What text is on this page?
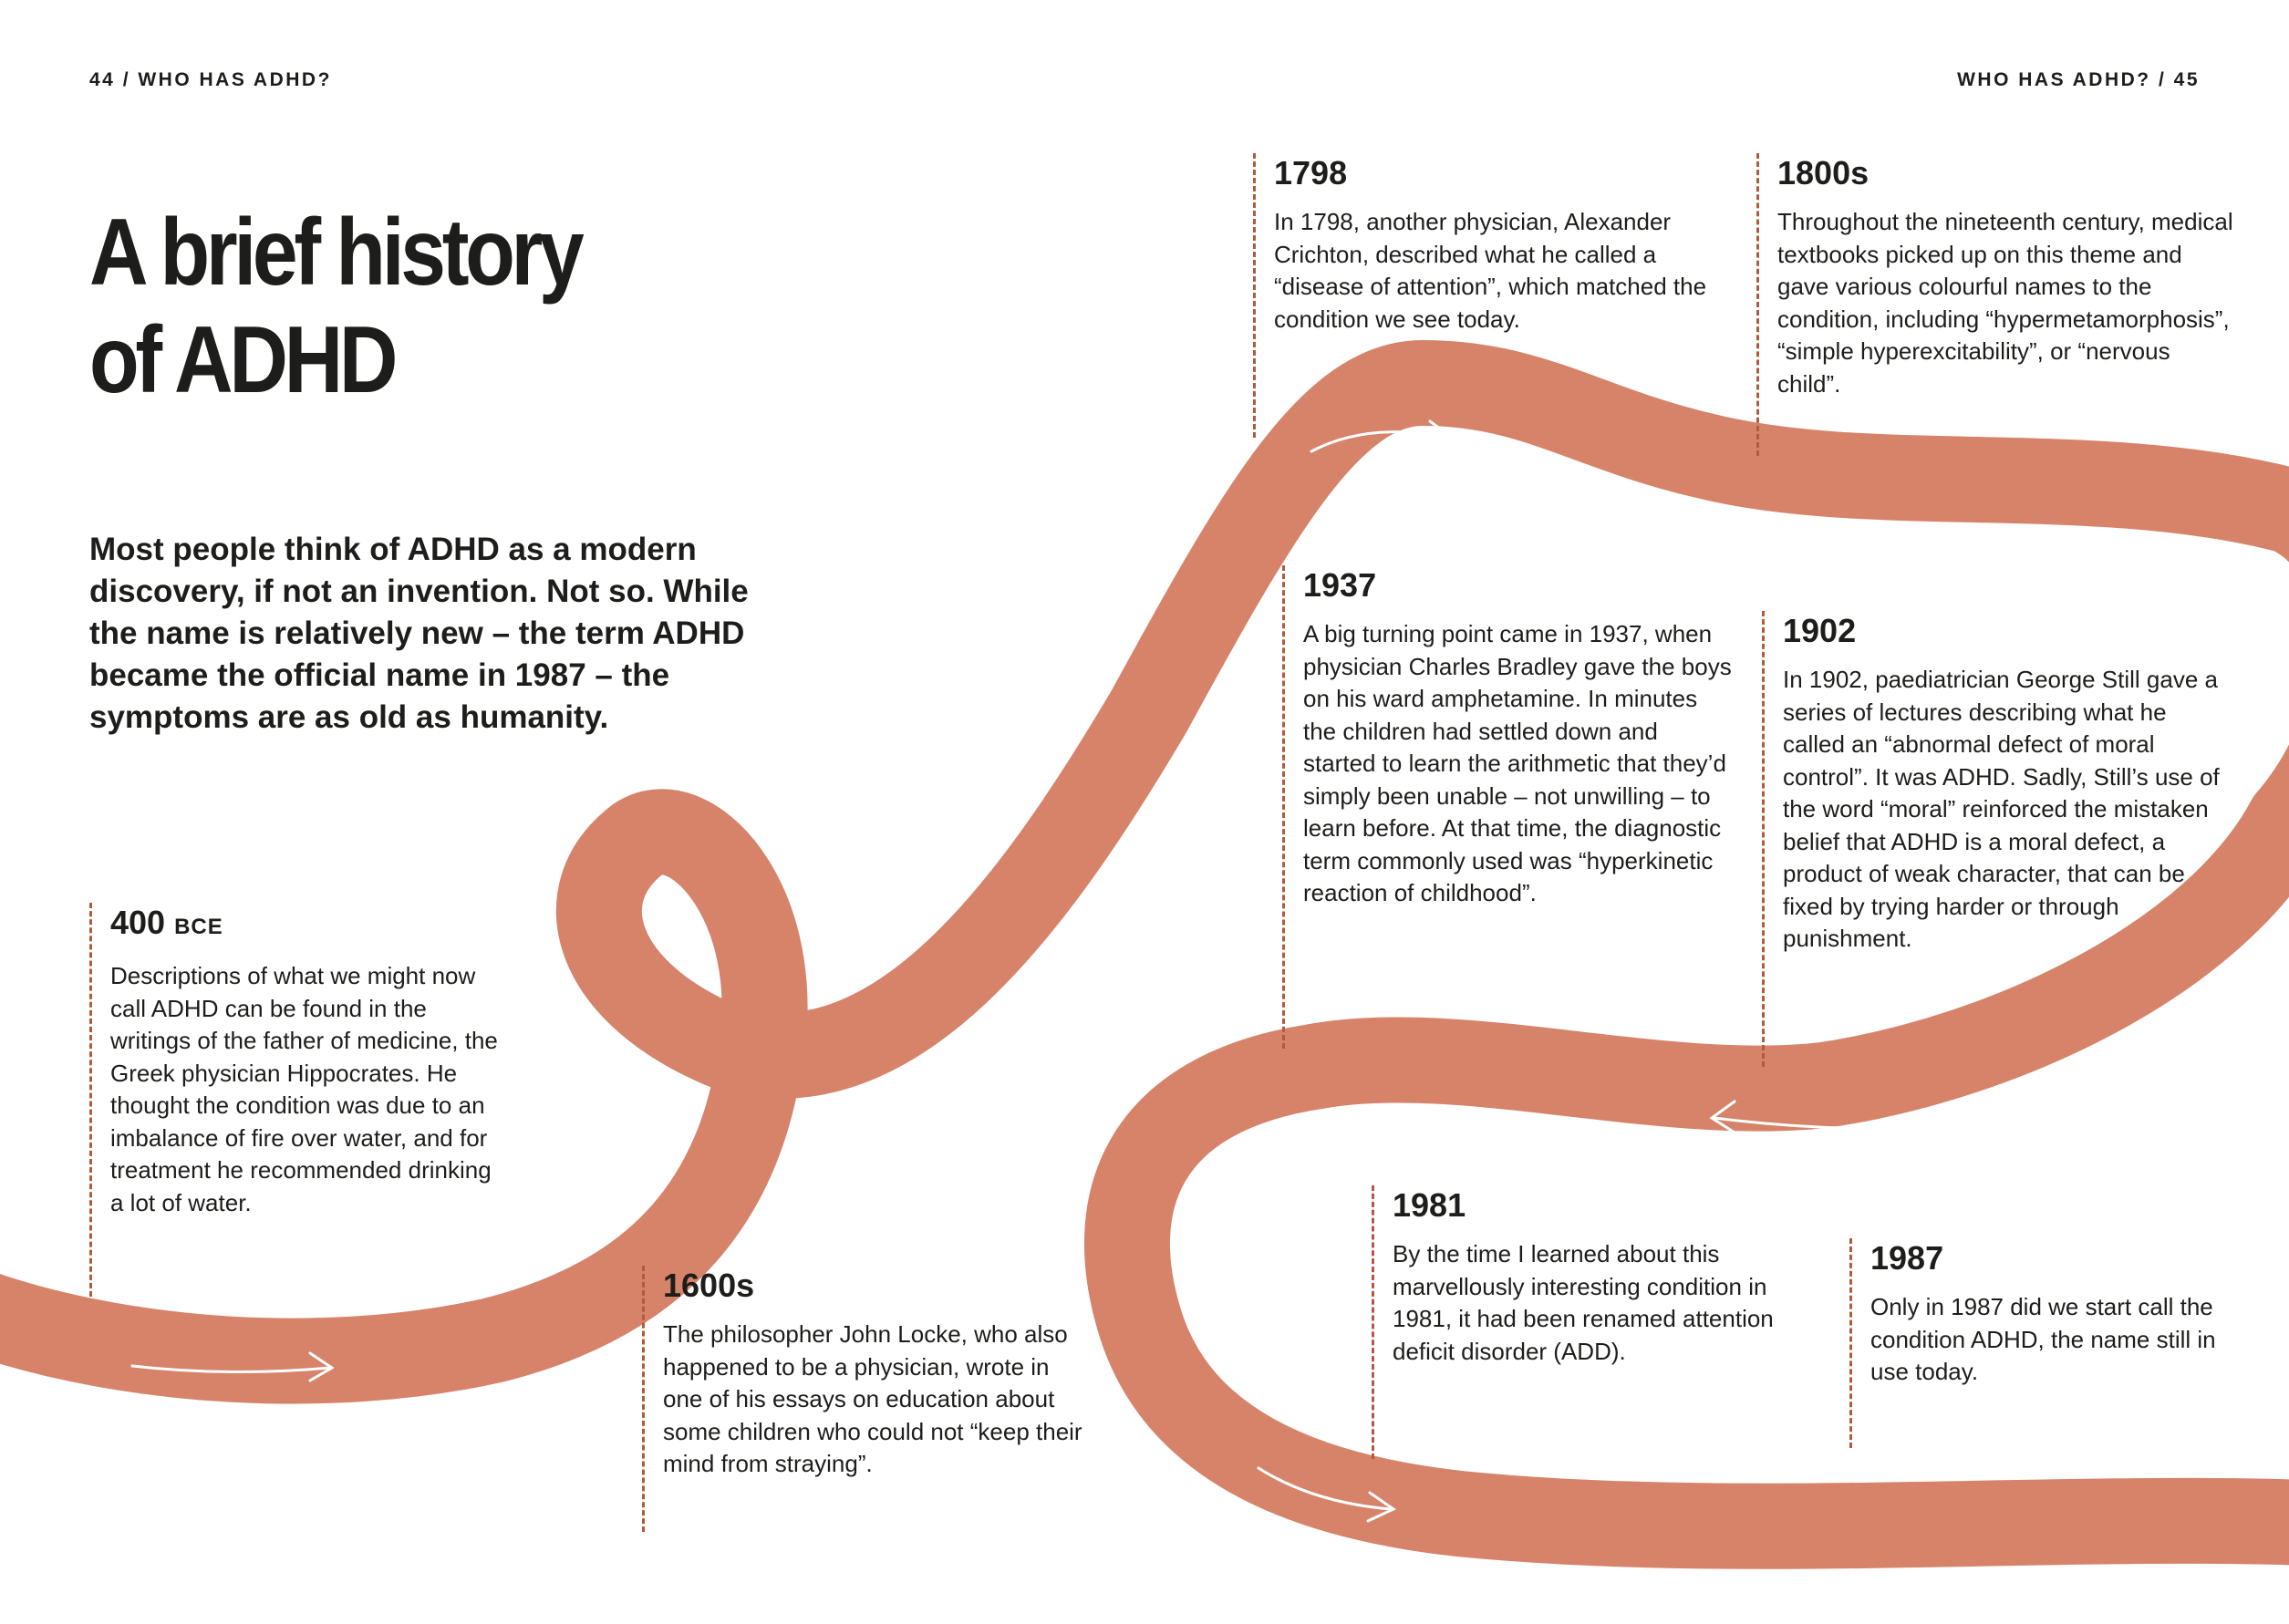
44 / WHO HAS ADHD?	WHO HAS ADHD? / 45
A brief history
of ADHD

Most people think of ADHD as a modern discovery, if not an invention. Not so. While the name is relatively new – the term ADHD became the official name in 1987 – the symptoms are as old as humanity.

400 BCE

Descriptions of what we might now call ADHD can be found in the writings of the father of medicine, the Greek physician Hippocrates. He thought the condition was due to an imbalance of fire over water, and for treatment he recommended drinking a lot of water.

1600s

The philosopher John Locke, who also happened to be a physician, wrote in one of his essays on education about some children who could not “keep their mind from straying”.

1798

In 1798, another physician, Alexander Crichton, described what he called a “disease of attention”, which matched the condition we see today.

1800s

Throughout the nineteenth century, medical textbooks picked up on this theme and gave various colourful names to the condition, including “hypermetamorphosis”, “simple hyperexcitability”, or “nervous child”.

1937

A big turning point came in 1937, when physician Charles Bradley gave the boys on his ward amphetamine. In minutes the children had settled down and started to learn the arithmetic that they’d simply been unable – not unwilling – to learn before. At that time, the diagnostic term commonly used was “hyperkinetic reaction of childhood”.

1902

In 1902, paediatrician George Still gave a series of lectures describing what he called an “abnormal defect of moral control”. It was ADHD. Sadly, Still’s use of the word “moral” reinforced the mistaken belief that ADHD is a moral defect, a product of weak character, that can be fixed by trying harder or through punishment.

1981

By the time I learned about this marvellously interesting condition in 1981, it had been renamed attention deficit disorder (ADD).

1987

Only in 1987 did we start call the condition ADHD, the name still in use today.
